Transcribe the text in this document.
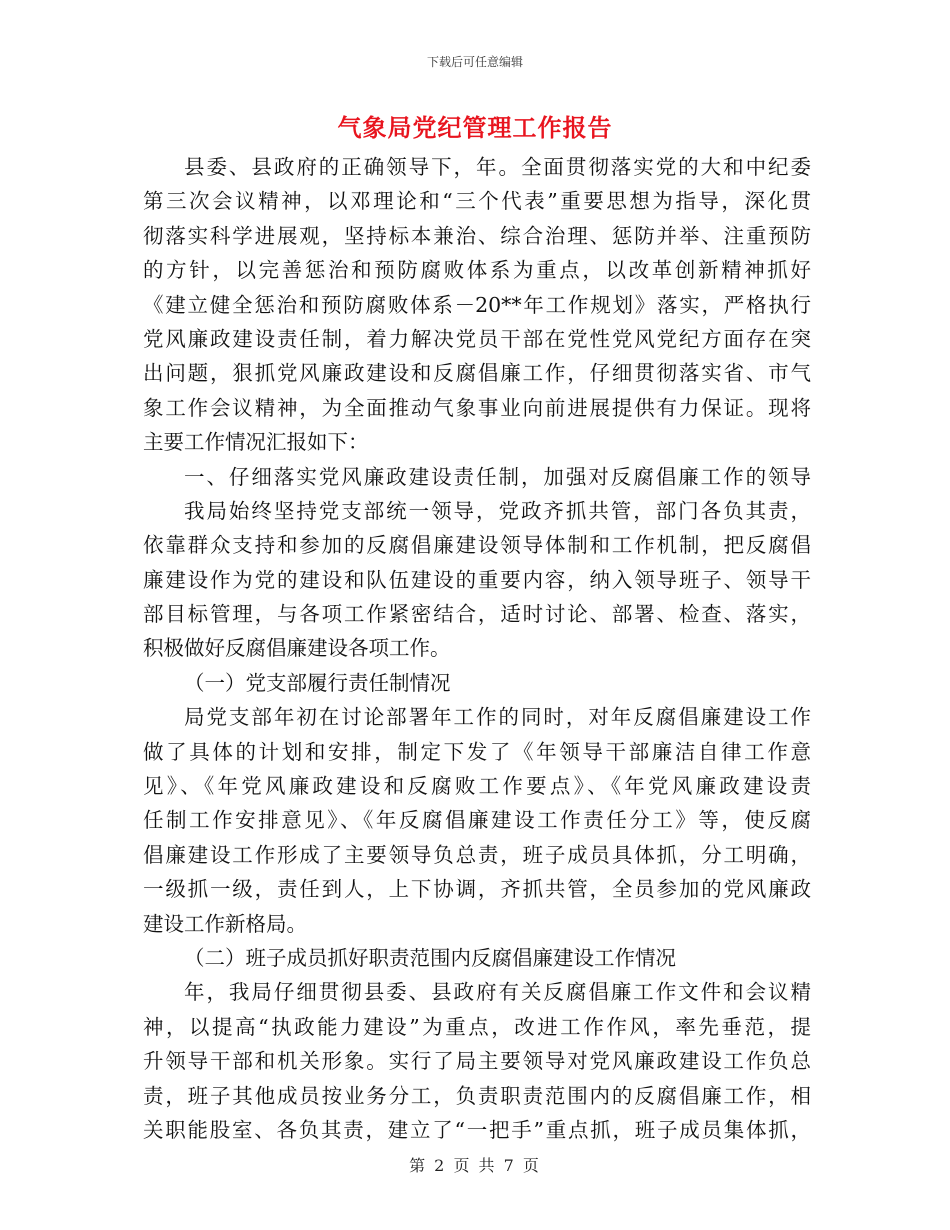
下载后可任意编辑
气象局党纪管理工作报告
县委、县政府的正确领导下，年。全面贯彻落实党的大和中纪委
第三次会议精神，以邓理论和“三个代表”重要思想为指导，深化贯
彻落实科学进展观，坚持标本兼治、综合治理、惩防并举、注重预防
的方针，以完善惩治和预防腐败体系为重点，以改革创新精神抓好
《建立健全惩治和预防腐败体系－20**年工作规划》落实，严格执行
党风廉政建设责任制，着力解决党员干部在党性党风党纪方面存在突
出问题，狠抓党风廉政建设和反腐倡廉工作，仔细贯彻落实省、市气
象工作会议精神，为全面推动气象事业向前进展提供有力保证。现将
主要工作情况汇报如下：
一、仔细落实党风廉政建设责任制，加强对反腐倡廉工作的领导
我局始终坚持党支部统一领导，党政齐抓共管，部门各负其责，
依靠群众支持和参加的反腐倡廉建设领导体制和工作机制，把反腐倡
廉建设作为党的建设和队伍建设的重要内容，纳入领导班子、领导干
部目标管理，与各项工作紧密结合，适时讨论、部署、检查、落实，
积极做好反腐倡廉建设各项工作。
（一）党支部履行责任制情况
局党支部年初在讨论部署年工作的同时，对年反腐倡廉建设工作
做了具体的计划和安排，制定下发了《年领导干部廉洁自律工作意
见》、《年党风廉政建设和反腐败工作要点》、《年党风廉政建设责
任制工作安排意见》、《年反腐倡廉建设工作责任分工》等，使反腐
倡廉建设工作形成了主要领导负总责，班子成员具体抓，分工明确，
一级抓一级，责任到人，上下协调，齐抓共管，全员参加的党风廉政
建设工作新格局。
（二）班子成员抓好职责范围内反腐倡廉建设工作情况
年，我局仔细贯彻县委、县政府有关反腐倡廉工作文件和会议精
神，以提高“执政能力建设”为重点，改进工作作风，率先垂范，提
升领导干部和机关形象。实行了局主要领导对党风廉政建设工作负总
责，班子其他成员按业务分工，负责职责范围内的反腐倡廉工作，相
关职能股室、各负其责，建立了“一把手”重点抓，班子成员集体抓，
第 2 页 共 7 页
